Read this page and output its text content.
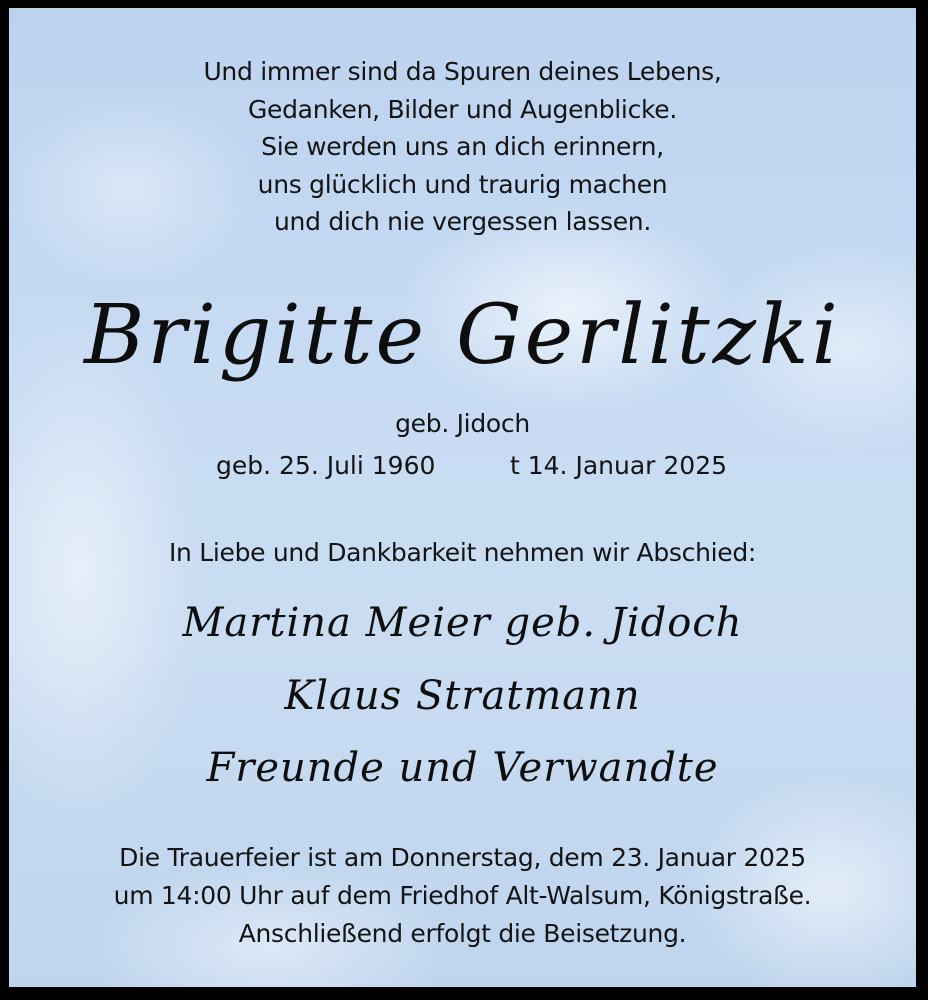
Und immer sind da Spuren deines Lebens,
Gedanken, Bilder und Augenblicke.
Sie werden uns an dich erinnern,
uns glücklich und traurig machen
und dich nie vergessen lassen.
Brigitte Gerlitzki
geb. Jidoch
geb. 25. Juli 1960	t 14. Januar 2025
In Liebe und Dankbarkeit nehmen wir Abschied:
Martina Meier geb. Jidoch
Klaus Stratmann
Freunde und Verwandte
Die Trauerfeier ist am Donnerstag, dem 23. Januar 2025
um 14:00 Uhr auf dem Friedhof Alt-Walsum, Königstraße.
Anschließend erfolgt die Beisetzung.
